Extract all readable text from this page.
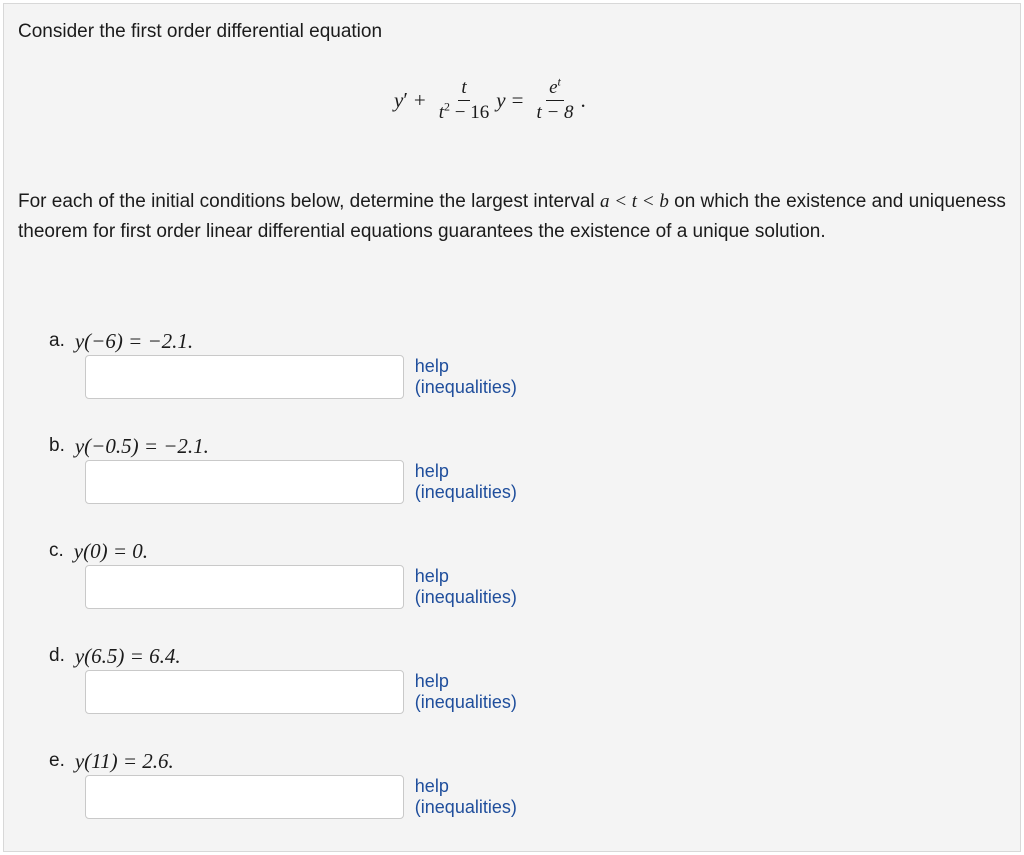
Consider the first order differential equation
y ′ + $\frac{t}{t^2 - 16}$ $y = \frac{e^t}{t - 8}$ .
For each of the initial conditions below, determine the largest interval a < t < b on which the existence and uniqueness theorem for first order linear differential equations guarantees the existence of a unique solution.
a. y(−6) = −2.1.
help (inequalities)
b. y(−0.5) = −2.1.
help (inequalities)
c. y(0) = 0.
help (inequalities)
d. y(6.5) = 6.4.
help (inequalities)
e. y(11) = 2.6.
help (inequalities)
